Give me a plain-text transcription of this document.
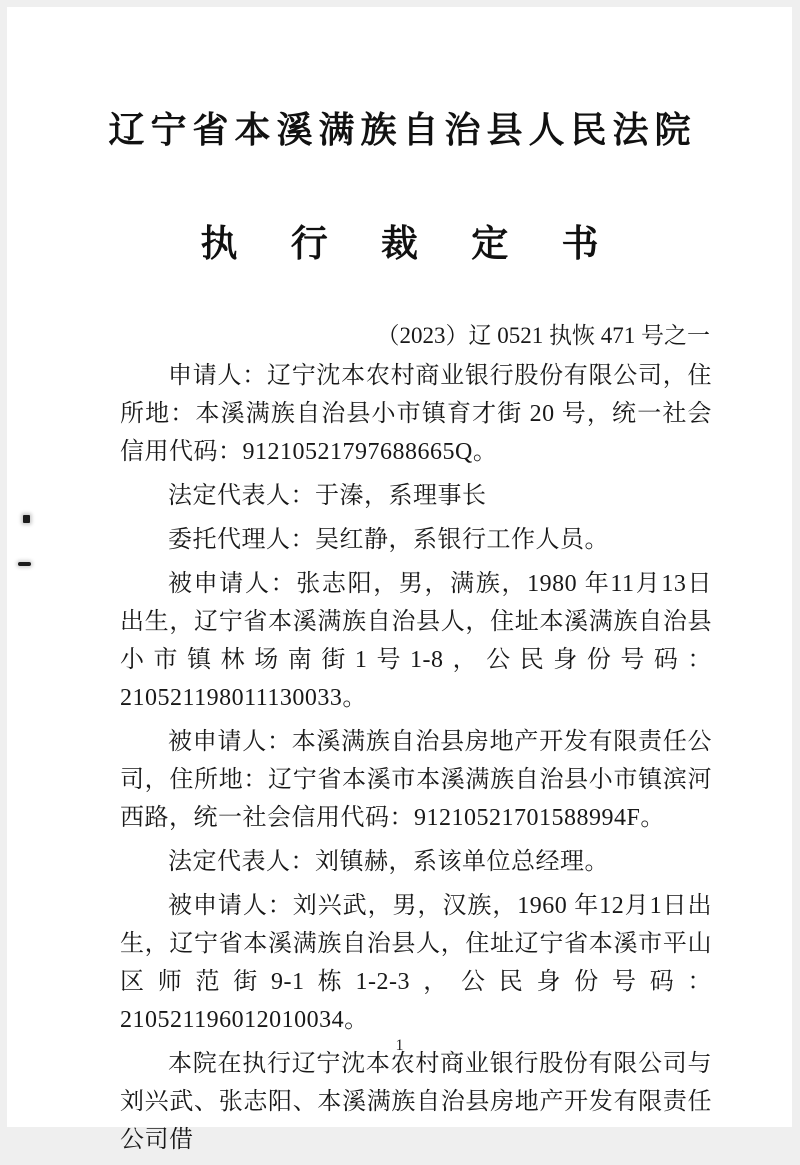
辽宁省本溪满族自治县人民法院
执 行 裁 定 书
（2023）辽 0521 执恢 471 号之一

申请人：辽宁沈本农村商业银行股份有限公司，住所地：本溪满族自治县小市镇育才街 20 号，统一社会信用代码：91210521797688665Q。

法定代表人：于溱，系理事长

委托代理人：吴红静，系银行工作人员。

被申请人：张志阳，男，满族，1980 年11月13日出生，辽宁省本溪满族自治县人，住址本溪满族自治县小市镇林场南街1号1-8，公民身份号码：210521198011130033。

被申请人：本溪满族自治县房地产开发有限责任公司，住所地：辽宁省本溪市本溪满族自治县小市镇滨河西路，统一社会信用代码：91210521701588994F。

法定代表人：刘镇赫，系该单位总经理。

被申请人：刘兴武，男，汉族，1960 年12月1日出生，辽宁省本溪满族自治县人，住址辽宁省本溪市平山区师范街9-1栋1-2-3，公民身份号码：210521196012010034。

本院在执行辽宁沈本农村商业银行股份有限公司与刘兴武、张志阳、本溪满族自治县房地产开发有限责任公司借

1
